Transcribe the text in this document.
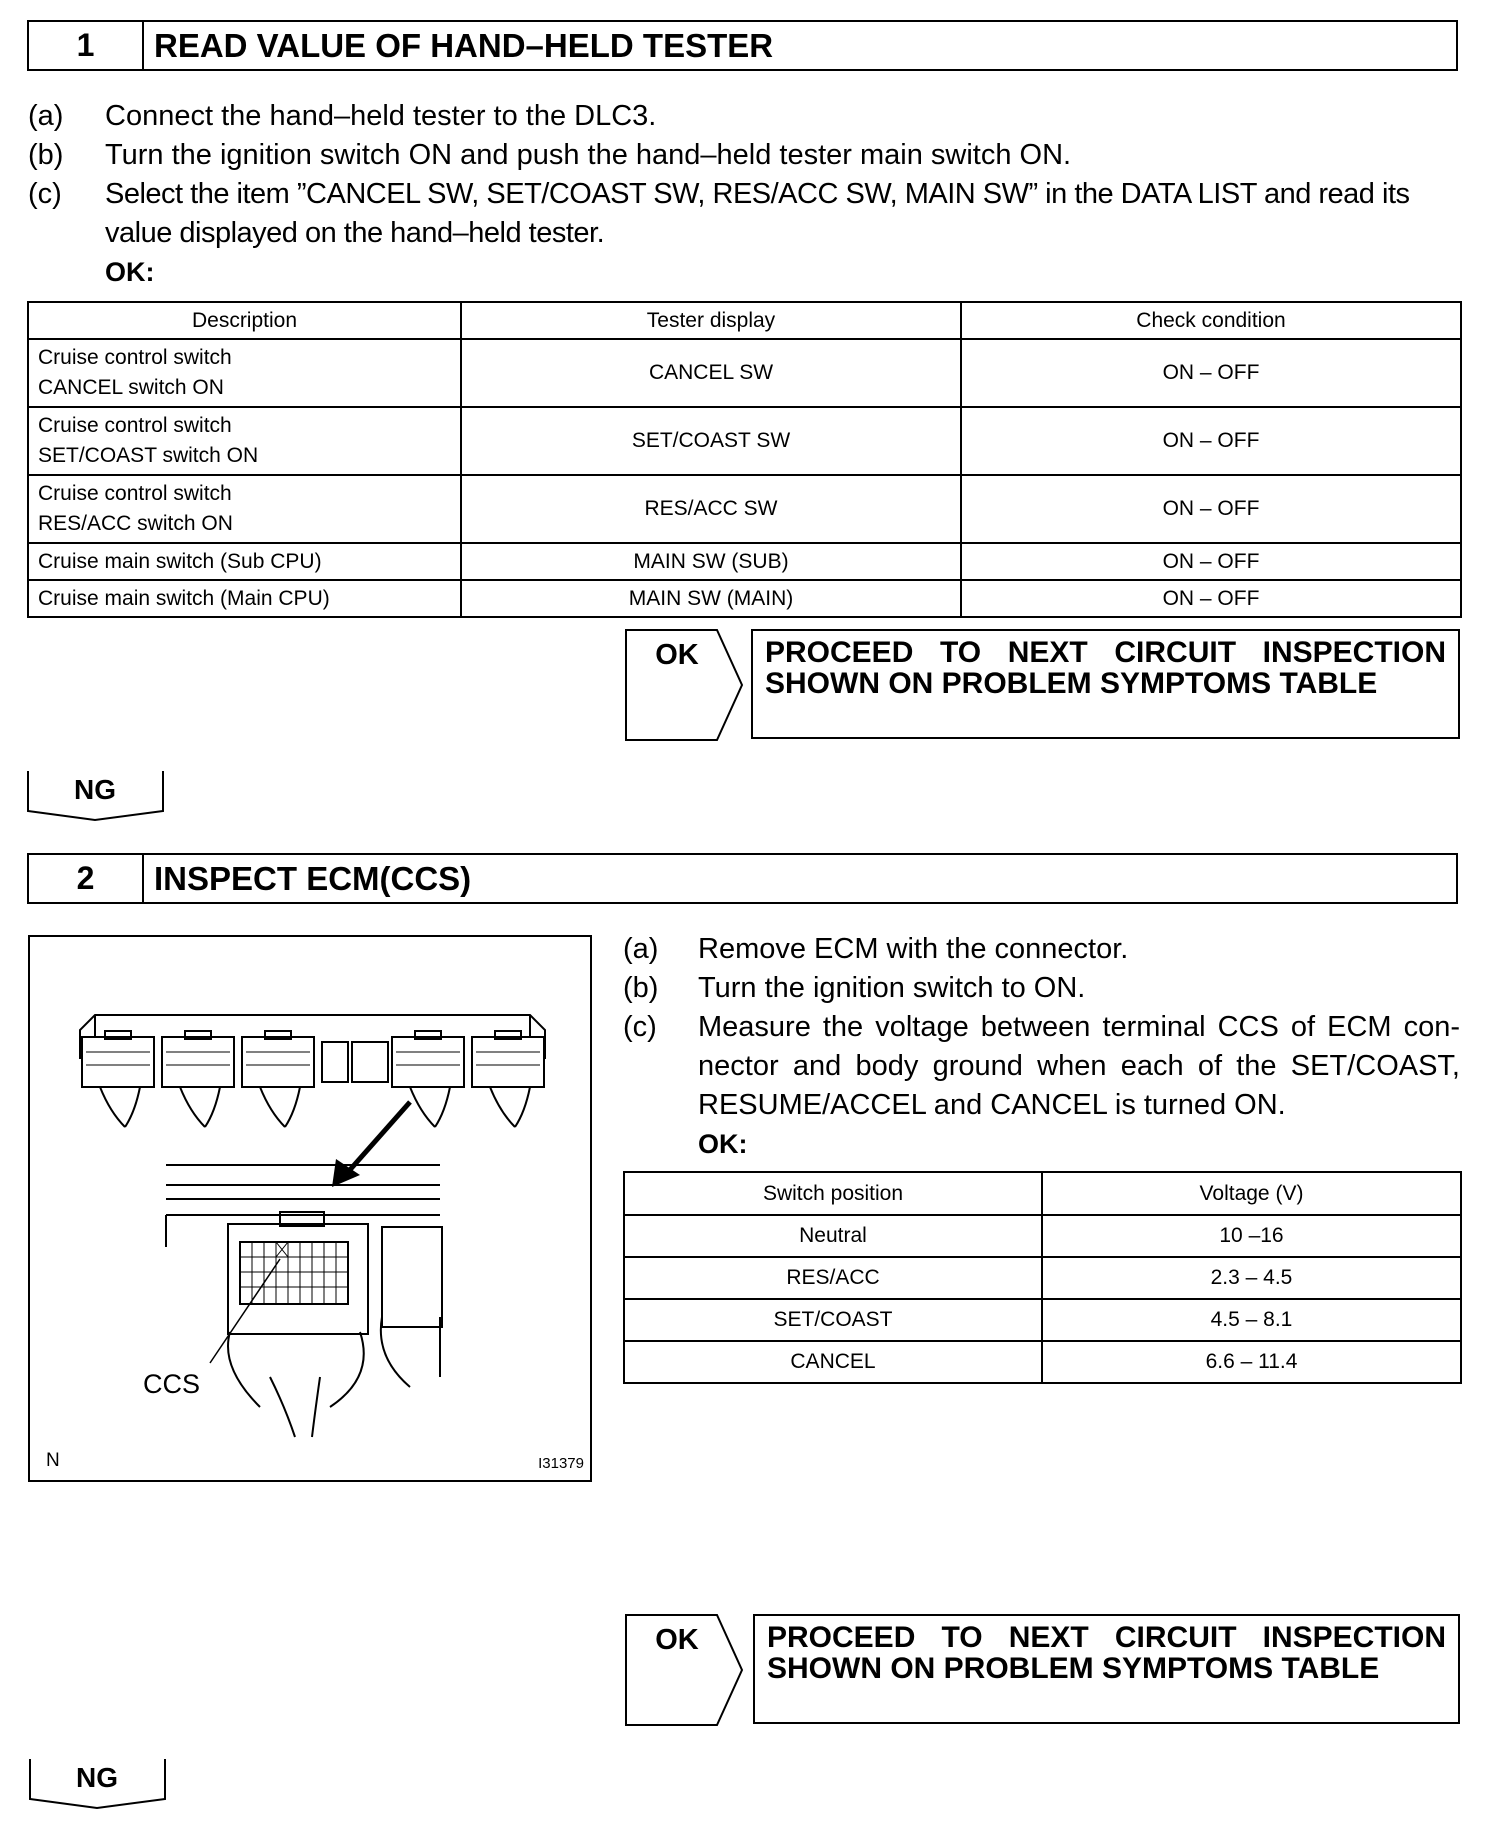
1	READ VALUE OF HAND–HELD TESTER
(a)	Connect the hand–held tester to the DLC3.
(b)	Turn the ignition switch ON and push the hand–held tester main switch ON.
(c)	Select the item ”CANCEL SW, SET/COAST SW, RES/ACC SW, MAIN SW” in the DATA LIST and read its value displayed on the hand–held tester.
OK:
Description	Tester display	Check condition
Cruise control switch
CANCEL switch ON	CANCEL SW	ON – OFF
Cruise control switch
SET/COAST switch ON	SET/COAST SW	ON – OFF
Cruise control switch
RES/ACC switch ON	RES/ACC SW	ON – OFF
Cruise main switch (Sub CPU)	MAIN SW (SUB)	ON – OFF
Cruise main switch (Main CPU)	MAIN SW (MAIN)	ON – OFF
OK	PROCEED TO NEXT CIRCUIT INSPECTION
SHOWN ON PROBLEM SYMPTOMS TABLE
NG
2	INSPECT ECM(CCS)
CCS
N	I31379
(a)	Remove ECM with the connector.
(b)	Turn the ignition switch to ON.
(c)	Measure the voltage between terminal CCS of ECM con- nector and body ground when each of the SET/COAST, RESUME/ACCEL and CANCEL is turned ON.
OK:
Switch position	Voltage (V)
Neutral	10 –16
RES/ACC	2.3 – 4.5
SET/COAST	4.5 – 8.1
CANCEL	6.6 – 11.4
OK	PROCEED TO NEXT CIRCUIT INSPECTION
SHOWN ON PROBLEM SYMPTOMS TABLE
NG
